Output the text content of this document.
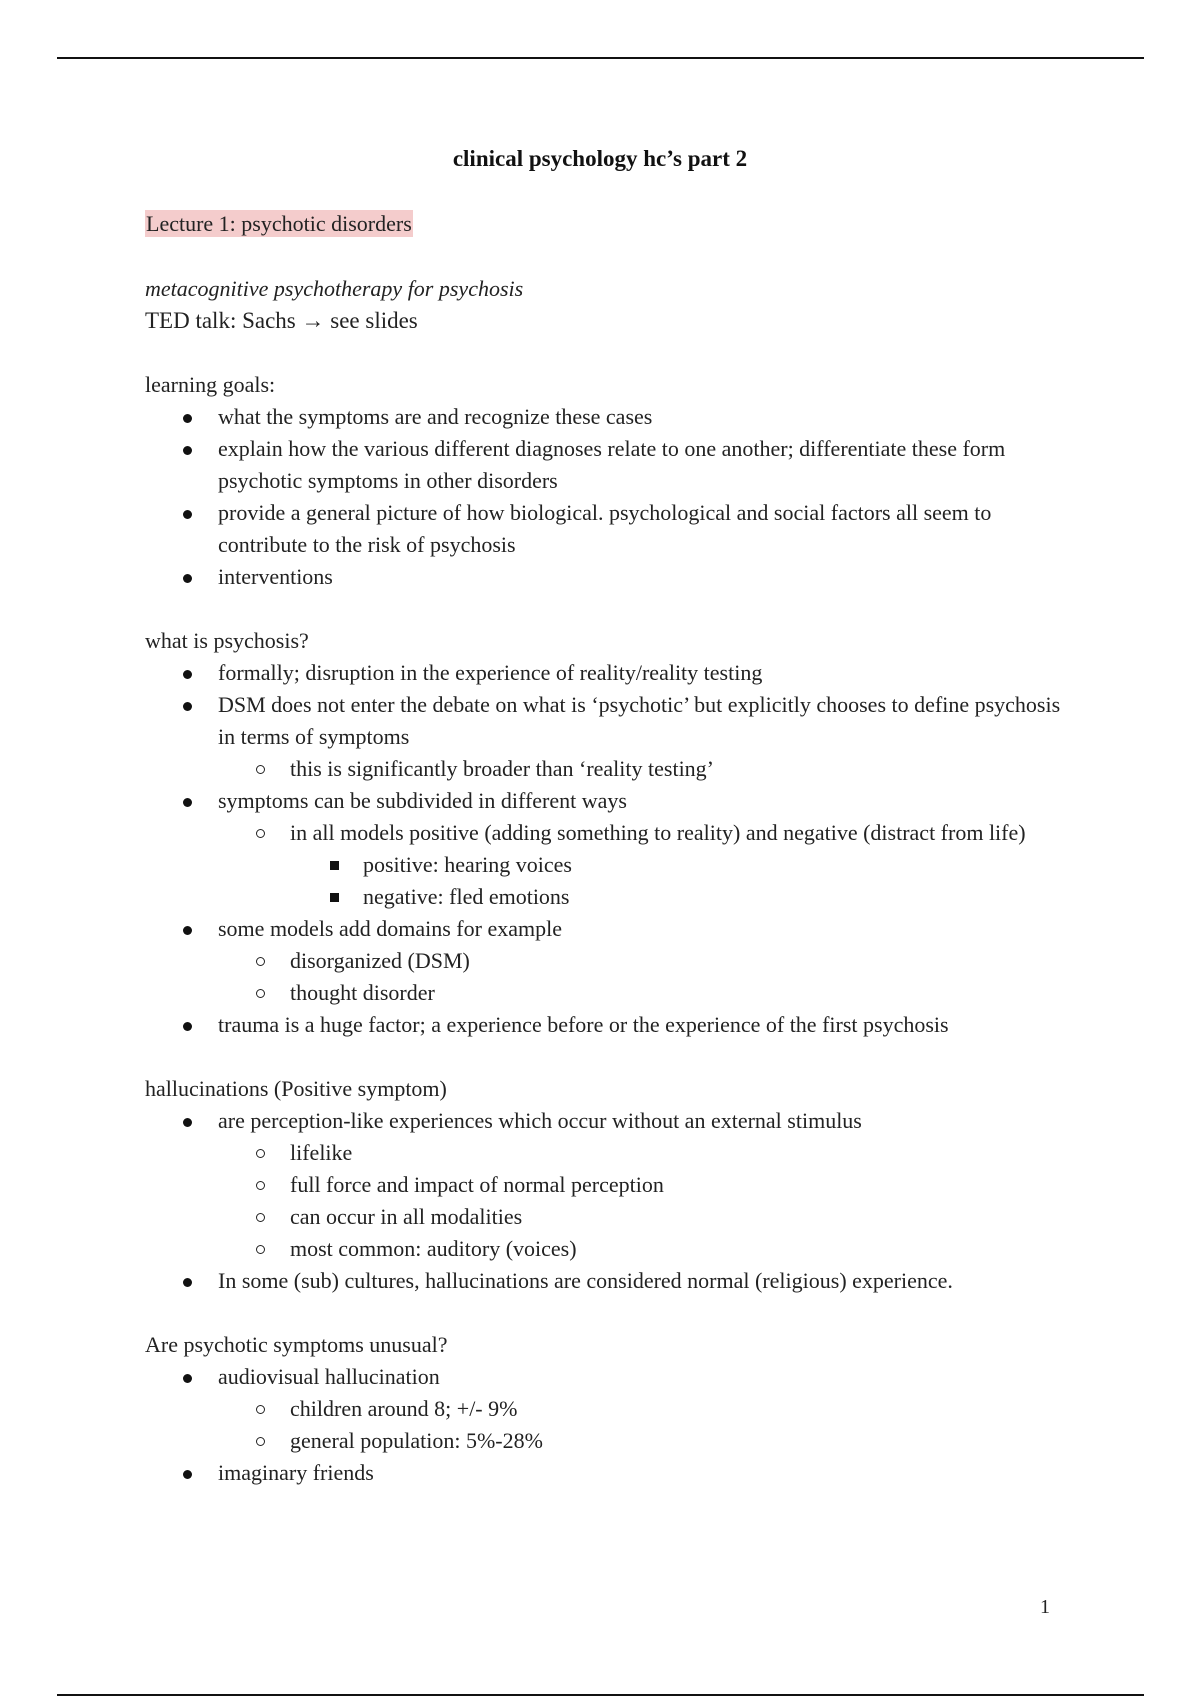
clinical psychology hc’s part 2
Lecture 1: psychotic disorders
metacognitive psychotherapy for psychosis
TED talk: Sachs → see slides
learning goals:
what the symptoms are and recognize these cases
explain how the various different diagnoses relate to one another; differentiate these form psychotic symptoms in other disorders
provide a general picture of how biological. psychological and social factors all seem to contribute to the risk of psychosis
interventions
what is psychosis?
formally; disruption in the experience of reality/reality testing
DSM does not enter the debate on what is ‘psychotic’ but explicitly chooses to define psychosis in terms of symptoms
this is significantly broader than ‘reality testing’
symptoms can be subdivided in different ways
in all models positive (adding something to reality) and negative (distract from life)
positive: hearing voices
negative: fled emotions
some models add domains for example
disorganized (DSM)
thought disorder
trauma is a huge factor; a experience before or the experience of the first psychosis
hallucinations (Positive symptom)
are perception-like experiences which occur without an external stimulus
lifelike
full force and impact of normal perception
can occur in all modalities
most common: auditory (voices)
In some (sub) cultures, hallucinations are considered normal (religious) experience.
Are psychotic symptoms unusual?
audiovisual hallucination
children around 8; +/- 9%
general population: 5%-28%
imaginary friends
1
